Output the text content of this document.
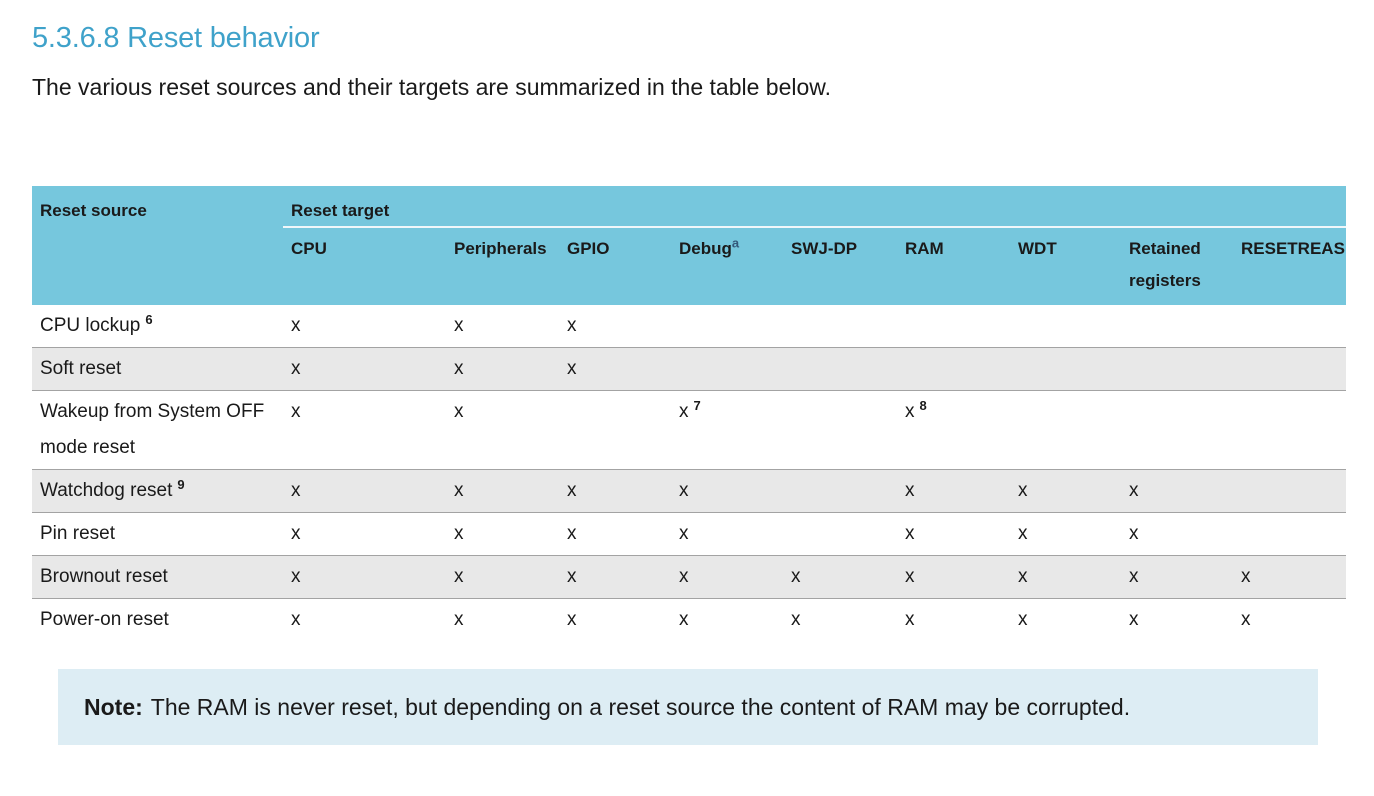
5.3.6.8 Reset behavior

The various reset sources and their targets are summarized in the table below.

Reset source	Reset target								
	CPU	Peripherals	GPIO	Debug$^a$	SWJ-DP	RAM	WDT	Retained registers	RESETREAS
CPU lockup $^6$	x	x	x						
Soft reset	x	x	x						
Wakeup from System OFF mode reset	x	x		x $^7$		x $^8$			
Watchdog reset $^9$	x	x	x	x		x	x	x	
Pin reset	x	x	x	x		x	x	x	
Brownout reset	x	x	x	x	x	x	x	x	x
Power-on reset	x	x	x	x	x	x	x	x	x
Note: The RAM is never reset, but depending on a reset source the content of RAM may be corrupted.
